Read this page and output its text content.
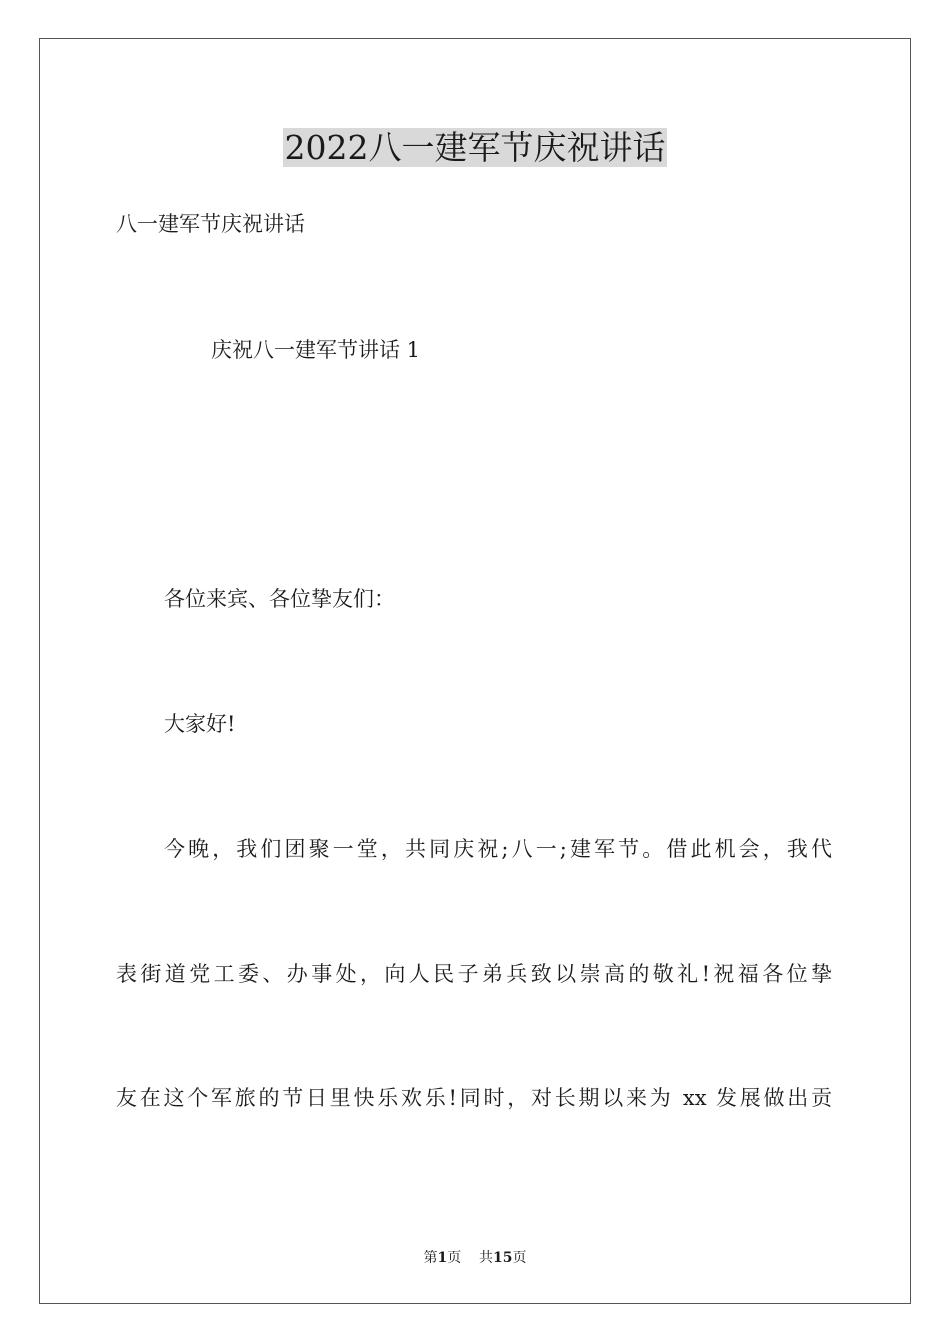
2022八一建军节庆祝讲话
八一建军节庆祝讲话
庆祝八一建军节讲话 1
各位来宾、各位挚友们：
大家好!
今晚，我们团聚一堂，共同庆祝;八一;建军节。借此机会，我代
表街道党工委、办事处，向人民子弟兵致以崇高的敬礼!祝福各位挚
友在这个军旅的节日里快乐欢乐!同时，对长期以来为 xx 发展做出贡
第1页 共15页
